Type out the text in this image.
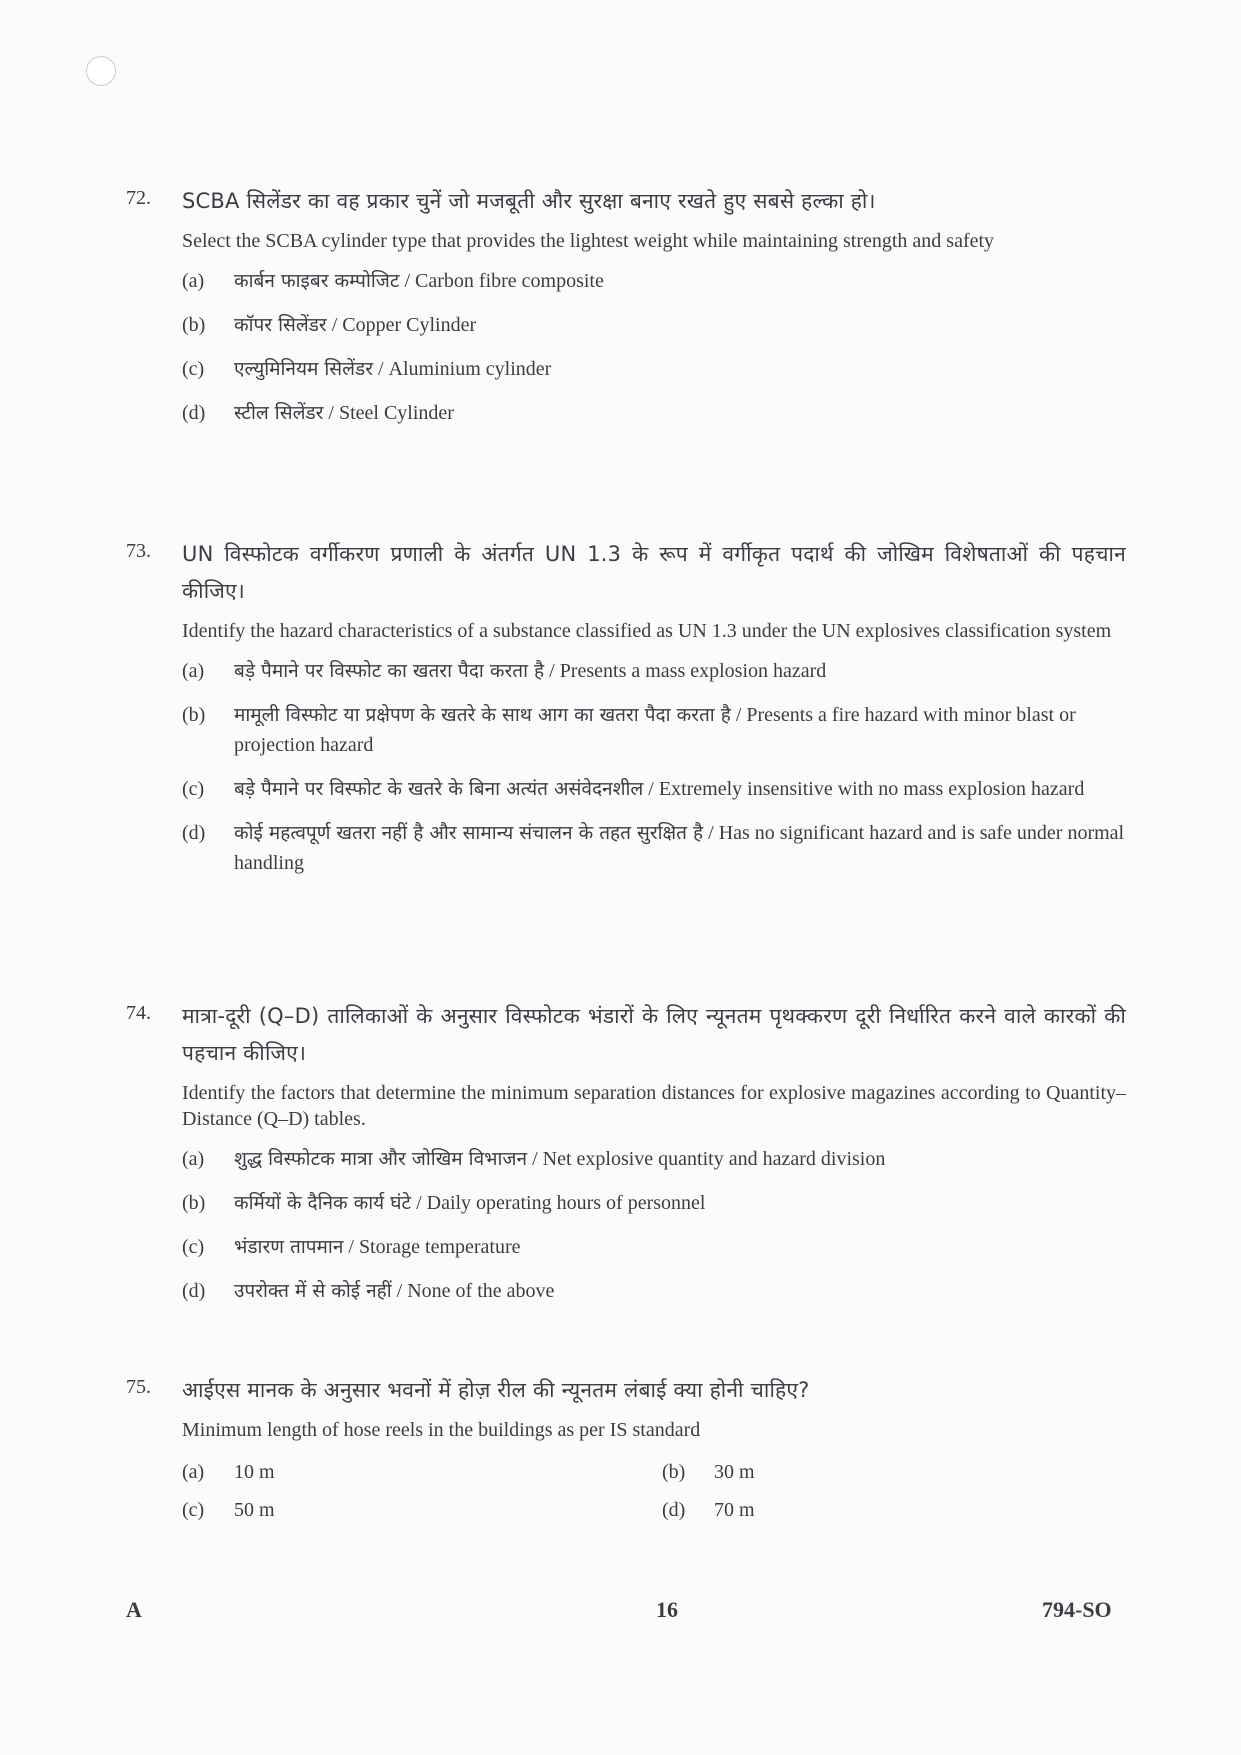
72. SCBA सिलेंडर का वह प्रकार चुनें जो मजबूती और सुरक्षा बनाए रखते हुए सबसे हल्का हो।
Select the SCBA cylinder type that provides the lightest weight while maintaining strength and safety
(a)	कार्बन फाइबर कम्पोजिट / Carbon fibre composite
(b)	कॉपर सिलेंडर / Copper Cylinder
(c)	एल्युमिनियम सिलेंडर / Aluminium cylinder
(d)	स्टील सिलेंडर / Steel Cylinder
73. UN विस्फोटक वर्गीकरण प्रणाली के अंतर्गत UN 1.3 के रूप में वर्गीकृत पदार्थ की जोखिम विशेषताओं की पहचान कीजिए।
Identify the hazard characteristics of a substance classified as UN 1.3 under the UN explosives classification system
(a)	बड़े पैमाने पर विस्फोट का खतरा पैदा करता है / Presents a mass explosion hazard
(b)	मामूली विस्फोट या प्रक्षेपण के खतरे के साथ आग का खतरा पैदा करता है / Presents a fire hazard with minor blast or projection hazard
(c)	बड़े पैमाने पर विस्फोट के खतरे के बिना अत्यंत असंवेदनशील / Extremely insensitive with no mass explosion hazard
(d)	कोई महत्वपूर्ण खतरा नहीं है और सामान्य संचालन के तहत सुरक्षित है / Has no significant hazard and is safe under normal handling
74. मात्रा-दूरी (Q–D) तालिकाओं के अनुसार विस्फोटक भंडारों के लिए न्यूनतम पृथक्करण दूरी निर्धारित करने वाले कारकों की पहचान कीजिए।
Identify the factors that determine the minimum separation distances for explosive magazines according to Quantity–Distance (Q–D) tables.
(a)	शुद्ध विस्फोटक मात्रा और जोखिम विभाजन / Net explosive quantity and hazard division
(b)	कर्मियों के दैनिक कार्य घंटे / Daily operating hours of personnel
(c)	भंडारण तापमान / Storage temperature
(d)	उपरोक्त में से कोई नहीं / None of the above
75. आईएस मानक के अनुसार भवनों में होज़ रील की न्यूनतम लंबाई क्या होनी चाहिए?
Minimum length of hose reels in the buildings as per IS standard
(a)	10 m	(b)	30 m
(c)	50 m	(d)	70 m
A	16	794-SO
